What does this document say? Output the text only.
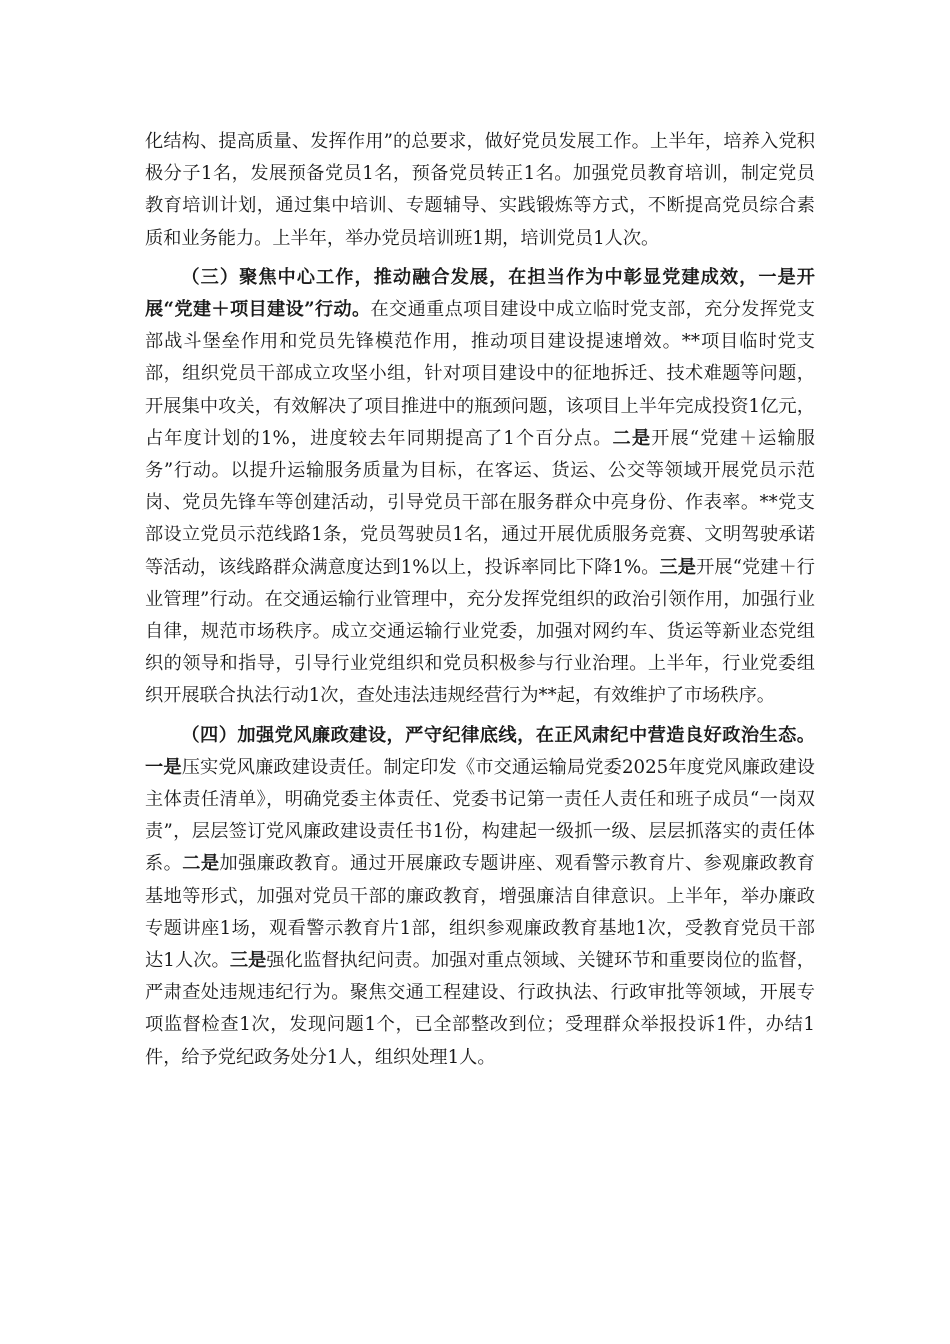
化结构、提高质量、发挥作用”的总要求，做好党员发展工作。上半年，培养入党积极分子1名，发展预备党员1名，预备党员转正1名。加强党员教育培训，制定党员教育培训计划，通过集中培训、专题辅导、实践锻炼等方式，不断提高党员综合素质和业务能力。上半年，举办党员培训班1期，培训党员1人次。

（三）聚焦中心工作，推动融合发展，在担当作为中彰显党建成效，一是开展“党建＋项目建设”行动。在交通重点项目建设中成立临时党支部，充分发挥党支部战斗堡垒作用和党员先锋模范作用，推动项目建设提速增效。**项目临时党支部，组织党员干部成立攻坚小组，针对项目建设中的征地拆迁、技术难题等问题，开展集中攻关，有效解决了项目推进中的瓶颈问题，该项目上半年完成投资1亿元，占年度计划的1%，进度较去年同期提高了1个百分点。二是开展“党建＋运输服务”行动。以提升运输服务质量为目标，在客运、货运、公交等领域开展党员示范岗、党员先锋车等创建活动，引导党员干部在服务群众中亮身份、作表率。**党支部设立党员示范线路1条，党员驾驶员1名，通过开展优质服务竞赛、文明驾驶承诺等活动，该线路群众满意度达到1%以上，投诉率同比下降1%。三是开展“党建＋行业管理”行动。在交通运输行业管理中，充分发挥党组织的政治引领作用，加强行业自律，规范市场秩序。成立交通运输行业党委，加强对网约车、货运等新业态党组织的领导和指导，引导行业党组织和党员积极参与行业治理。上半年，行业党委组织开展联合执法行动1次，查处违法违规经营行为**起，有效维护了市场秩序。

（四）加强党风廉政建设，严守纪律底线，在正风肃纪中营造良好政治生态。一是压实党风廉政建设责任。制定印发《市交通运输局党委2025年度党风廉政建设主体责任清单》，明确党委主体责任、党委书记第一责任人责任和班子成员“一岗双责”，层层签订党风廉政建设责任书1份，构建起一级抓一级、层层抓落实的责任体系。二是加强廉政教育。通过开展廉政专题讲座、观看警示教育片、参观廉政教育基地等形式，加强对党员干部的廉政教育，增强廉洁自律意识。上半年，举办廉政专题讲座1场，观看警示教育片1部，组织参观廉政教育基地1次，受教育党员干部达1人次。三是强化监督执纪问责。加强对重点领域、关键环节和重要岗位的监督，严肃查处违规违纪行为。聚焦交通工程建设、行政执法、行政审批等领域，开展专项监督检查1次，发现问题1个，已全部整改到位；受理群众举报投诉1件，办结1件，给予党纪政务处分1人，组织处理1人。
